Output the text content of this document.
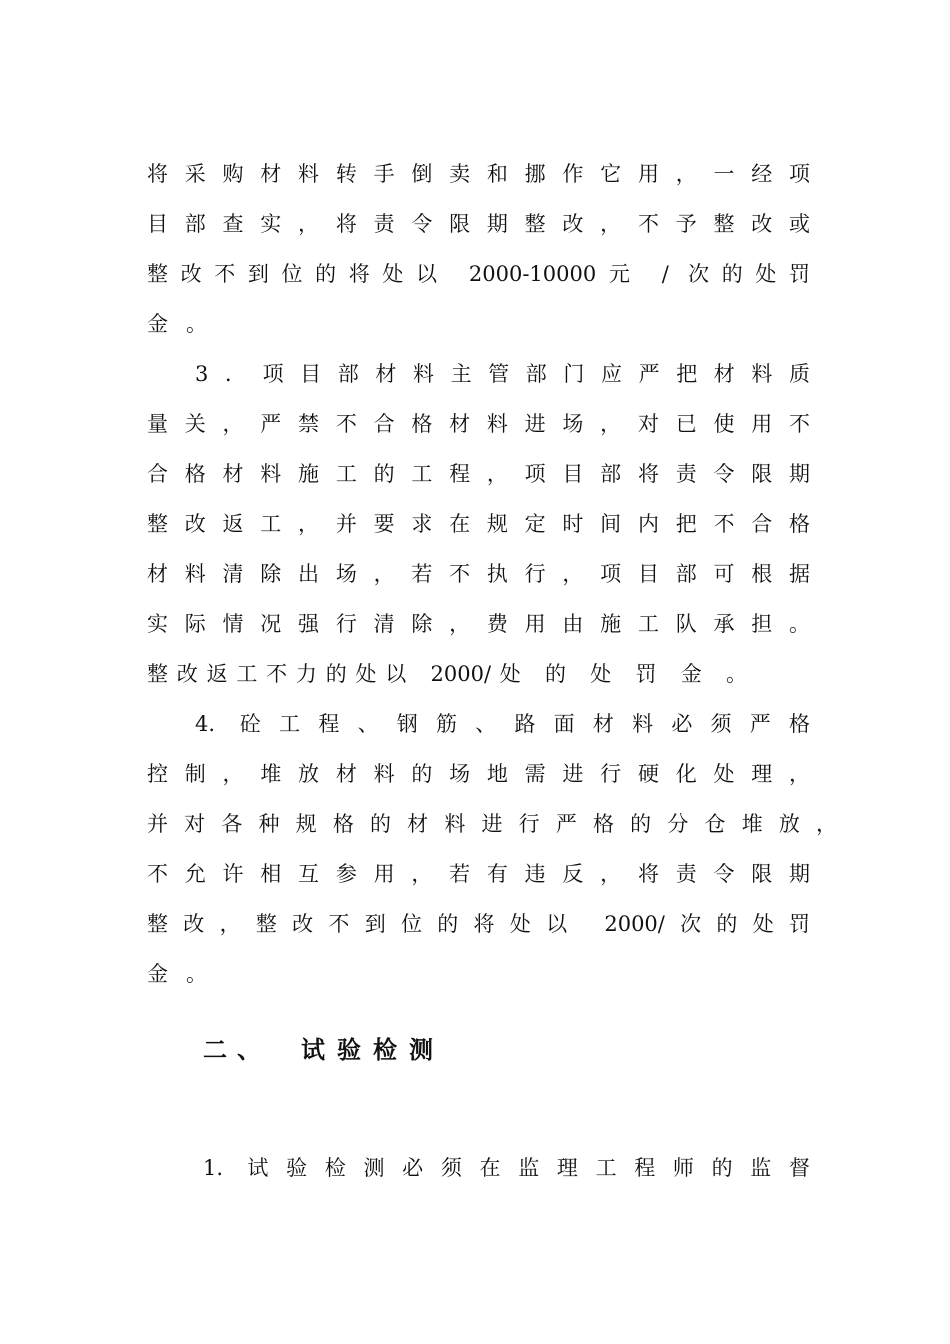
将采购材料转手倒卖和挪作它用，一经项
目部查实，将责令限期整改，不予整改或
整改不到位的将处以 2000-10000元 / 次的处罚
金。
3．项目部材料主管部门应严把材料质
量关，严禁不合格材料进场，对已使用不
合格材料施工的工程，项目部将责令限期
整改返工，并要求在规定时间内把不合格
材料清除出场，若不执行，项目部可根据
实际情况强行清除，费用由施工队承担。
整改返工不力的处以 2000/处 的 处 罚 金 。
4. 砼工程、钢筋、路面材料必须严格
控制，堆放材料的场地需进行硬化处理，
并对各种规格的材料进行严格的分仓堆放，
不允许相互参用，若有违反，将责令限期
整改，整改不到位的将处以 2000/次的处罚
金。
二、 试验检测
1. 试验检测必须在监理工程师的监督
